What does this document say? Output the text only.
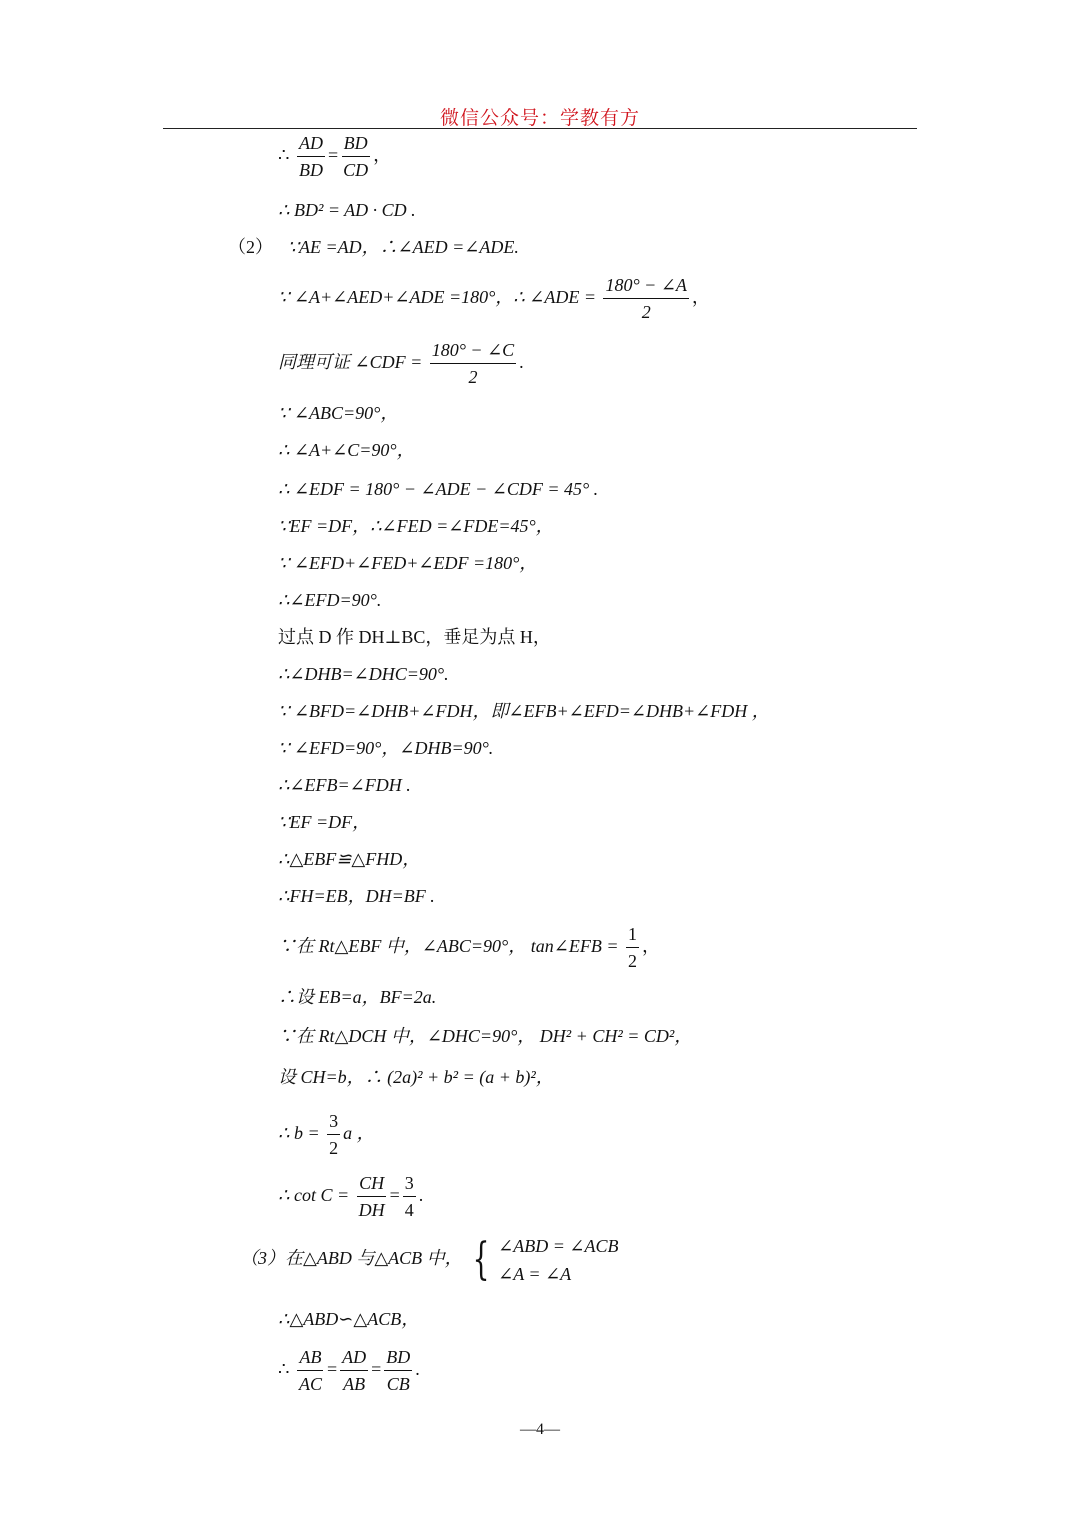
微信公众号：学教有方
∴ $\frac{AD}{BD} = \frac{BD}{CD}$ ，
∴ BD² = AD · CD .
（2） ∵AE =AD，∴∠AED =∠ADE.
∵ ∠A+∠AED+∠ADE =180°，∴ ∠ADE = $\frac{180^\circ - \angle A}{2}$ ，
同理可证 ∠CDF = $\frac{180^\circ - \angle C}{2}$ .
∵ ∠ABC=90°，
∴ ∠A+∠C=90°，
∴ ∠EDF = 180° − ∠ADE − ∠CDF = 45° .
∵EF =DF，∴∠FED =∠FDE=45°，
∵ ∠EFD+∠FED+∠EDF =180°，
∴∠EFD=90°.
过点 D 作 DH⊥BC，垂足为点 H，
∴∠DHB=∠DHC=90°.
∵ ∠BFD=∠DHB+∠FDH，即∠EFB+∠EFD=∠DHB+∠FDH ，
∵ ∠EFD=90°，∠DHB=90°.
∴∠EFB=∠FDH .
∵EF =DF，
∴△EBF≌△FHD，
∴FH=EB，DH=BF .
∵在 Rt△EBF 中，∠ABC=90°， tan∠EFB = $\frac{1}{2}$ ，
∴设 EB=a，BF=2a.
∵在 Rt△DCH 中，∠DHC=90°， DH² + CH² = CD²，
设 CH=b，∴ (2a)² + b² = (a + b)²，
∴ $b = \frac{3}{2}$ a ，
∴ $\cot C = \frac{CH}{DH} = \frac{3}{4}$ .
（3）在△ABD 与△ACB 中， { ∠ABD = ∠ACB
∠A = ∠A
∴△ABD∽△ACB，
∴ $\frac{AB}{AC} = \frac{AD}{AB} = \frac{BD}{CB}$ .
—4—
